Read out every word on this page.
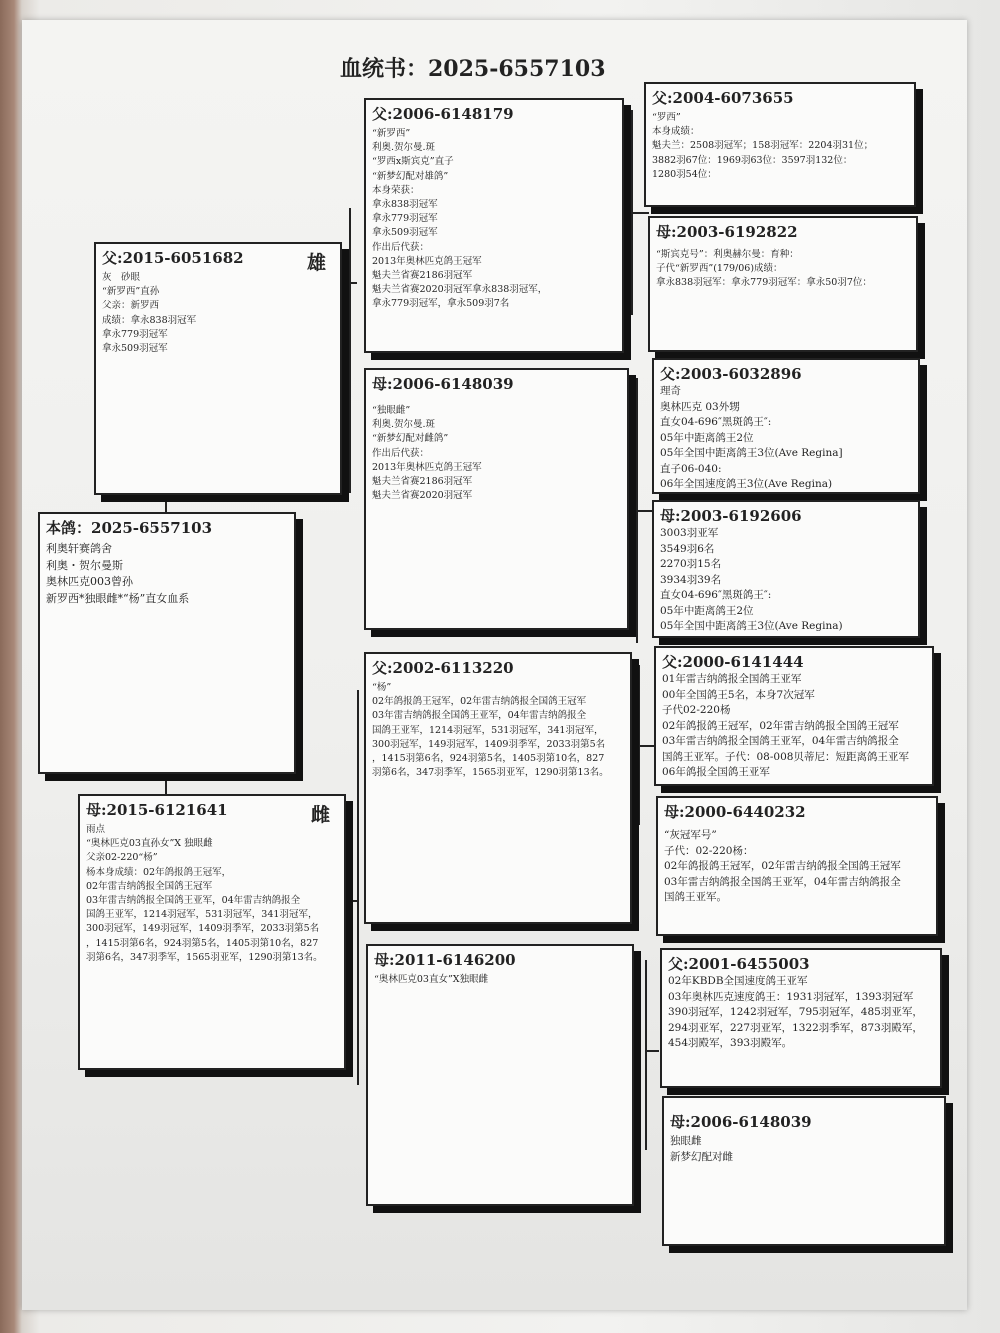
血统书：2025-6557103
本鸽：2025-6557103
利奥轩赛鸽舍
利奥・贺尔曼斯
奥林匹克003曾孙
新罗西*独眼雌*“杨”直女血系
父:2015-6051682	雄
灰　砂眼
“新罗西”直孙
父亲：新罗西
成绩：拿永838羽冠军
拿永779羽冠军
拿永509羽冠军
母:2015-6121641	雌
雨点
“奥林匹克03直孙女”X 独眼雌
父亲02-220“杨”
杨本身成绩：02年鸽报鸽王冠军，
02年雷吉纳鸽报全国鸽王冠军
03年雷吉纳鸽报全国鸽王亚军，04年雷吉纳鸽报全
国鸽王亚军，1214羽冠军，531羽冠军，341羽冠军，
300羽冠军，149羽冠军，1409羽季军，2033羽第5名
，1415羽第6名，924羽第5名，1405羽第10名，827
羽第6名，347羽季军，1565羽亚军，1290羽第13名。
父:2006-6148179
“新罗西”
利奥.贺尔曼.斑
“罗西x斯宾克”直子
“新梦幻配对雄鸽”
本身荣获：
拿永838羽冠军
拿永779羽冠军
拿永509羽冠军
作出后代获：
2013年奥林匹克鸽王冠军
魁夫兰省赛2186羽冠军
魁夫兰省赛2020羽冠军拿永838羽冠军，
拿永779羽冠军，拿永509羽7名
母:2006-6148039
“独眼雌”
利奥.贺尔曼.斑
“新梦幻配对雌鸽”
作出后代获：
2013年奥林匹克鸽王冠军
魁夫兰省赛2186羽冠军
魁夫兰省赛2020羽冠军
父:2002-6113220
“杨”
02年鸽报鸽王冠军，02年雷吉纳鸽报全国鸽王冠军
03年雷吉纳鸽报全国鸽王亚军，04年雷吉纳鸽报全
国鸽王亚军，1214羽冠军，531羽冠军，341羽冠军，
300羽冠军，149羽冠军，1409羽季军，2033羽第5名
，1415羽第6名，924羽第5名，1405羽第10名，827
羽第6名，347羽季军，1565羽亚军，1290羽第13名。
母:2011-6146200
“奥林匹克03直女”X独眼雌
父:2004-6073655
“罗西”
本身成绩：
魁夫兰：2508羽冠军；158羽冠军：2204羽31位；
3882羽67位：1969羽63位：3597羽132位：
1280羽54位：
母:2003-6192822
“斯宾克号”：利奥赫尔曼：育种：
子代“新罗西”(179/06)成绩：
拿永838羽冠军：拿永779羽冠军：拿永50羽7位：
父:2003-6032896
理奇
奥林匹克 03外甥
直女04-696″黑斑鸽王″:
05年中距离鸽王2位
05年全国中距离鸽王3位(Ave Regina]
直子06-040:
06年全国速度鸽王3位(Ave Regina)
母:2003-6192606
3003羽亚军
3549羽6名
2270羽15名
3934羽39名
直女04-696″黑斑鸽王″:
05年中距离鸽王2位
05年全国中距离鸽王3位(Ave Regina)
父:2000-6141444
01年雷吉纳鸽报全国鸽王亚军
00年全国鸽王5名，本身7次冠军
子代02-220杨
02年鸽报鸽王冠军，02年雷吉纳鸽报全国鸽王冠军
03年雷吉纳鸽报全国鸽王亚军，04年雷吉纳鸽报全
国鸽王亚军。子代：08-008贝蒂尼：短距离鸽王亚军
06年鸽报全国鸽王亚军
母:2000-6440232
“灰冠军号”
子代：02-220杨：
02年鸽报鸽王冠军，02年雷吉纳鸽报全国鸽王冠军
03年雷吉纳鸽报全国鸽王亚军，04年雷吉纳鸽报全
国鸽王亚军。
父:2001-6455003
02年KBDB全国速度鸽王亚军
03年奥林匹克速度鸽王：1931羽冠军，1393羽冠军
390羽冠军，1242羽冠军，795羽冠军，485羽亚军，
294羽亚军，227羽亚军，1322羽季军，873羽殿军，
454羽殿军，393羽殿军。
母:2006-6148039
独眼雌
新梦幻配对雌
